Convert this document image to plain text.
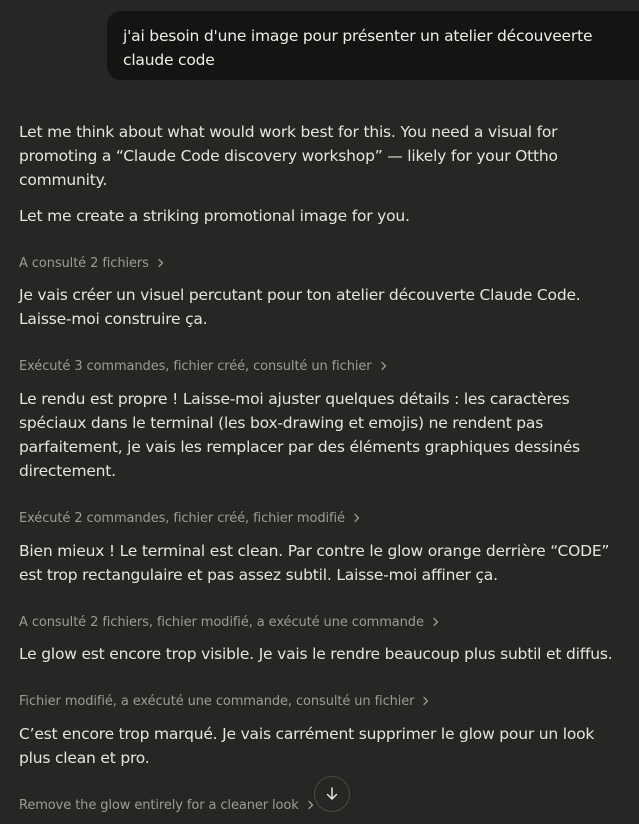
j'ai besoin d'une image pour présenter un atelier découveerte claude code

Let me think about what would work best for this. You need a visual for promoting a “Claude Code discovery workshop” — likely for your Ottho community.

Let me create a striking promotional image for you.

A consulté 2 fichiers

Je vais créer un visuel percutant pour ton atelier découverte Claude Code. Laisse-moi construire ça.

Exécuté 3 commandes, fichier créé, consulté un fichier

Le rendu est propre ! Laisse-moi ajuster quelques détails : les caractères spéciaux dans le terminal (les box-drawing et emojis) ne rendent pas parfaitement, je vais les remplacer par des éléments graphiques dessinés directement.

Exécuté 2 commandes, fichier créé, fichier modifié

Bien mieux ! Le terminal est clean. Par contre le glow orange derrière “CODE” est trop rectangulaire et pas assez subtil. Laisse-moi affiner ça.

A consulté 2 fichiers, fichier modifié, a exécuté une commande

Le glow est encore trop visible. Je vais le rendre beaucoup plus subtil et diffus.

Fichier modifié, a exécuté une commande, consulté un fichier

C’est encore trop marqué. Je vais carrément supprimer le glow pour un look plus clean et pro.

Remove the glow entirely for a cleaner look
